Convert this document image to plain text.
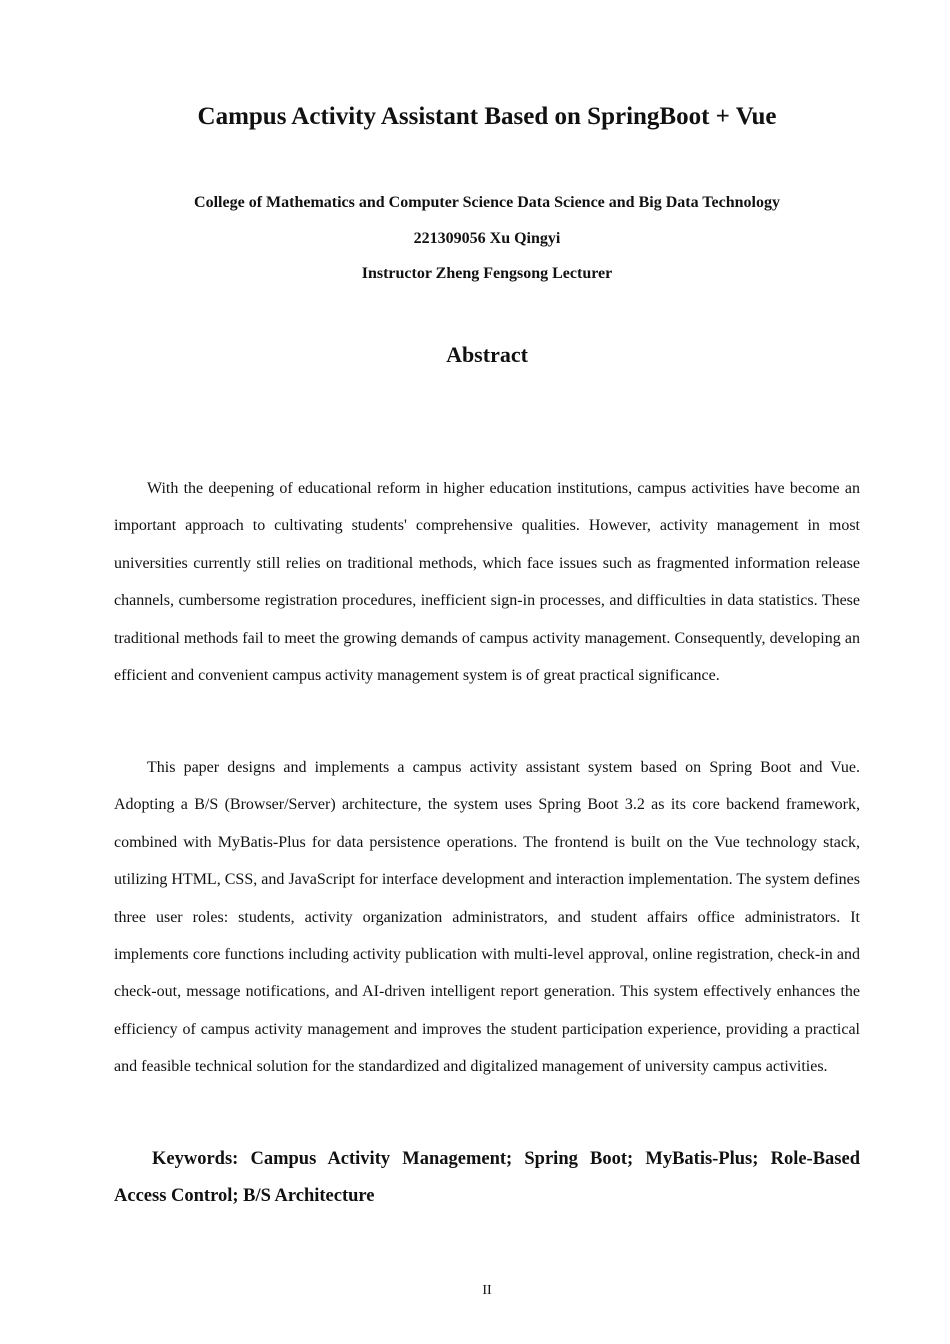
Campus Activity Assistant Based on SpringBoot + Vue

College of Mathematics and Computer Science Data Science and Big Data Technology

221309056 Xu Qingyi

Instructor Zheng Fengsong Lecturer

Abstract

With the deepening of educational reform in higher education institutions, campus activities have become an important approach to cultivating students' comprehensive qualities. However, activity management in most universities currently still relies on traditional methods, which face issues such as fragmented information release channels, cumbersome registration procedures, inefficient sign-in processes, and difficulties in data statistics. These traditional methods fail to meet the growing demands of campus activity management. Consequently, developing an efficient and convenient campus activity management system is of great practical significance.

This paper designs and implements a campus activity assistant system based on Spring Boot and Vue. Adopting a B/S (Browser/Server) architecture, the system uses Spring Boot 3.2 as its core backend framework, combined with MyBatis-Plus for data persistence operations. The frontend is built on the Vue technology stack, utilizing HTML, CSS, and JavaScript for interface development and interaction implementation. The system defines three user roles: students, activity organization administrators, and student affairs office administrators. It implements core functions including activity publication with multi-level approval, online registration, check-in and check-out, message notifications, and AI-driven intelligent report generation. This system effectively enhances the efficiency of campus activity management and improves the student participation experience, providing a practical and feasible technical solution for the standardized and digitalized management of university campus activities.

Keywords: Campus Activity Management; Spring Boot; MyBatis-Plus; Role-Based Access Control; B/S Architecture

II
